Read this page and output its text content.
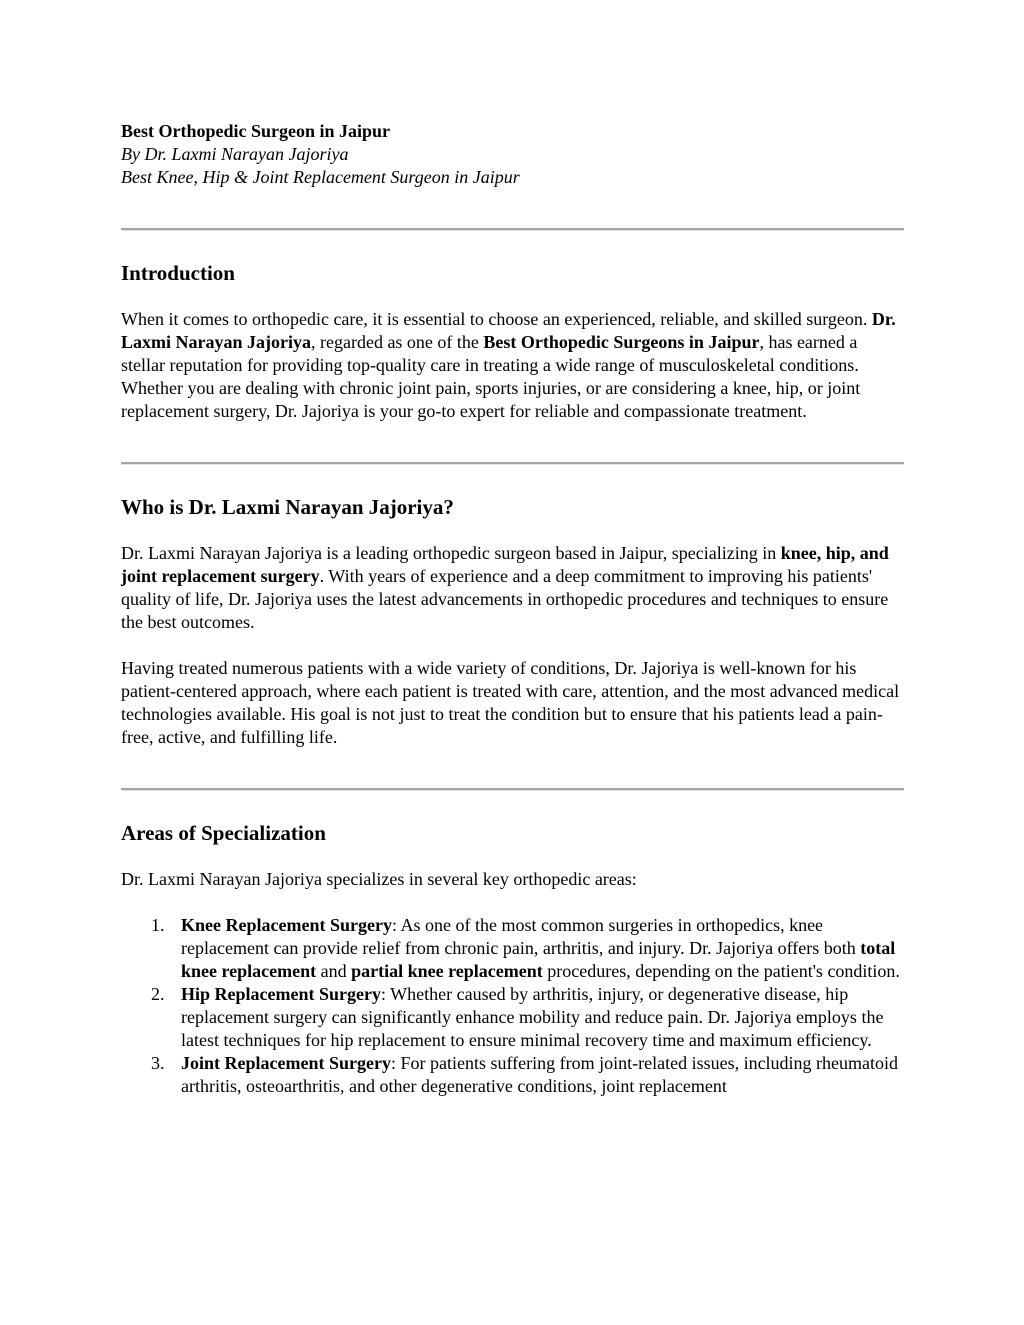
Best Orthopedic Surgeon in Jaipur

By Dr. Laxmi Narayan Jajoriya

Best Knee, Hip & Joint Replacement Surgeon in Jaipur

Introduction

When it comes to orthopedic care, it is essential to choose an experienced, reliable, and skilled surgeon. Dr. Laxmi Narayan Jajoriya, regarded as one of the Best Orthopedic Surgeons in Jaipur, has earned a stellar reputation for providing top-quality care in treating a wide range of musculoskeletal conditions. Whether you are dealing with chronic joint pain, sports injuries, or are considering a knee, hip, or joint replacement surgery, Dr. Jajoriya is your go-to expert for reliable and compassionate treatment.

Who is Dr. Laxmi Narayan Jajoriya?

Dr. Laxmi Narayan Jajoriya is a leading orthopedic surgeon based in Jaipur, specializing in knee, hip, and joint replacement surgery. With years of experience and a deep commitment to improving his patients' quality of life, Dr. Jajoriya uses the latest advancements in orthopedic procedures and techniques to ensure the best outcomes.

Having treated numerous patients with a wide variety of conditions, Dr. Jajoriya is well-known for his patient-centered approach, where each patient is treated with care, attention, and the most advanced medical technologies available. His goal is not just to treat the condition but to ensure that his patients lead a pain-free, active, and fulfilling life.

Areas of Specialization

Dr. Laxmi Narayan Jajoriya specializes in several key orthopedic areas:

1. Knee Replacement Surgery: As one of the most common surgeries in orthopedics, knee replacement can provide relief from chronic pain, arthritis, and injury. Dr. Jajoriya offers both total knee replacement and partial knee replacement procedures, depending on the patient's condition.
2. Hip Replacement Surgery: Whether caused by arthritis, injury, or degenerative disease, hip replacement surgery can significantly enhance mobility and reduce pain. Dr. Jajoriya employs the latest techniques for hip replacement to ensure minimal recovery time and maximum efficiency.
3. Joint Replacement Surgery: For patients suffering from joint-related issues, including rheumatoid arthritis, osteoarthritis, and other degenerative conditions, joint replacement
